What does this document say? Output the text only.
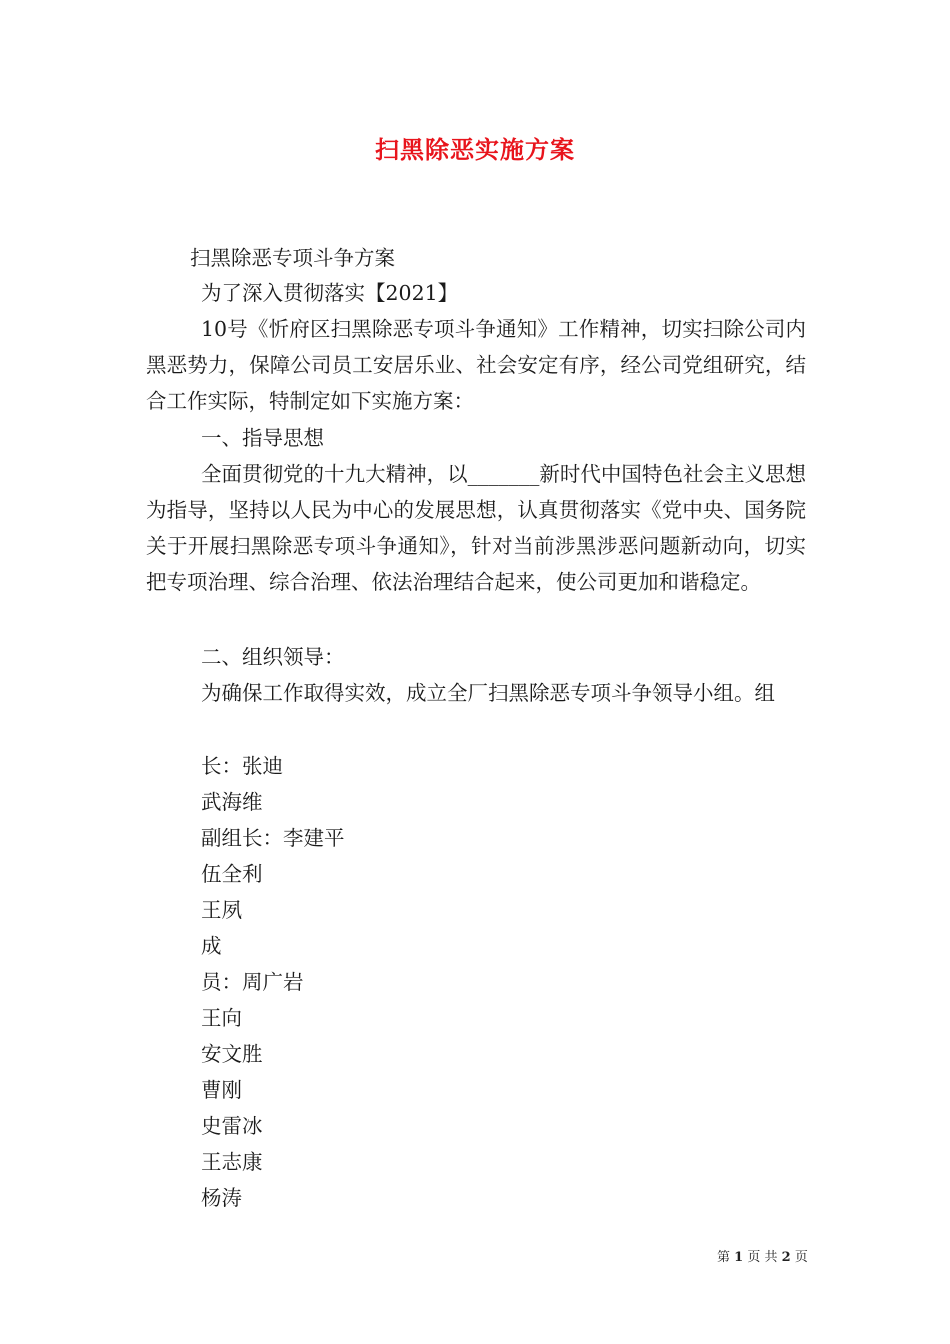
扫黑除恶实施方案
扫黑除恶专项斗争方案
为了深入贯彻落实【2021】
10号《忻府区扫黑除恶专项斗争通知》工作精神，切实扫除公司内黑恶势力，保障公司员工安居乐业、社会安定有序，经公司党组研究，结合工作实际，特制定如下实施方案：
一、指导思想
全面贯彻党的十九大精神，以_______新时代中国特色社会主义思想为指导，坚持以人民为中心的发展思想，认真贯彻落实《党中央、国务院关于开展扫黑除恶专项斗争通知》，针对当前涉黑涉恶问题新动向，切实把专项治理、综合治理、依法治理结合起来，使公司更加和谐稳定。
二、组织领导：
为确保工作取得实效，成立全厂扫黑除恶专项斗争领导小组。组
长：张迪
武海维
副组长：李建平
伍全利
王夙
成
员：周广岩
王向
安文胜
曹刚
史雷冰
王志康
杨涛
第 1 页 共 2 页
